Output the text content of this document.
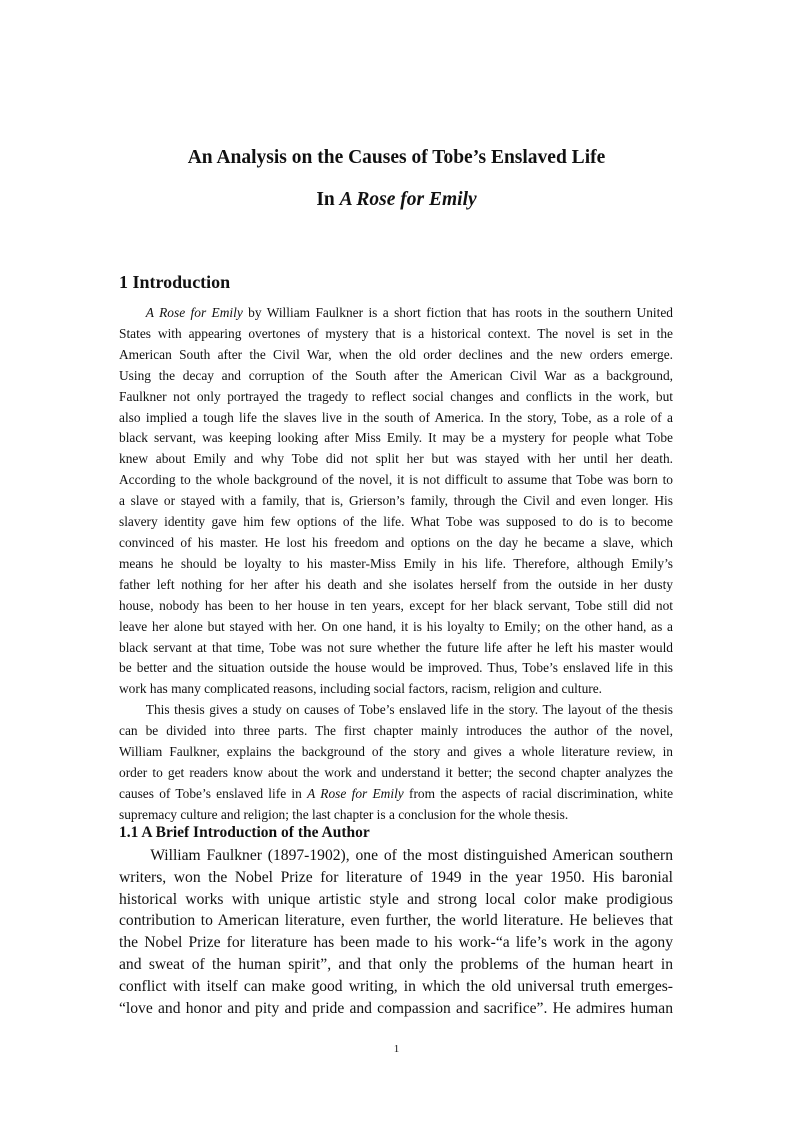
An Analysis on the Causes of Tobe’s Enslaved Life
In A Rose for Emily
1 Introduction
A Rose for Emily by William Faulkner is a short fiction that has roots in the southern United
States with appearing overtones of mystery that is a historical context. The novel is set in the
American South after the Civil War, when the old order declines and the new orders emerge.
Using the decay and corruption of the South after the American Civil War as a background,
Faulkner not only portrayed the tragedy to reflect social changes and conflicts in the work, but
also implied a tough life the slaves live in the south of America. In the story, Tobe, as a role of a
black servant, was keeping looking after Miss Emily. It may be a mystery for people what Tobe
knew about Emily and why Tobe did not split her but was stayed with her until her death.
According to the whole background of the novel, it is not difficult to assume that Tobe was born to
a slave or stayed with a family, that is, Grierson’s family, through the Civil and even longer. His
slavery identity gave him few options of the life. What Tobe was supposed to do is to become
convinced of his master. He lost his freedom and options on the day he became a slave, which
means he should be loyalty to his master-Miss Emily in his life. Therefore, although Emily’s
father left nothing for her after his death and she isolates herself from the outside in her dusty
house, nobody has been to her house in ten years, except for her black servant, Tobe still did not
leave her alone but stayed with her. On one hand, it is his loyalty to Emily; on the other hand, as a
black servant at that time, Tobe was not sure whether the future life after he left his master would
be better and the situation outside the house would be improved. Thus, Tobe’s enslaved life in this
work has many complicated reasons, including social factors, racism, religion and culture.
This thesis gives a study on causes of Tobe’s enslaved life in the story. The layout of the thesis
can be divided into three parts. The first chapter mainly introduces the author of the novel,
William Faulkner, explains the background of the story and gives a whole literature review, in
order to get readers know about the work and understand it better; the second chapter analyzes the
causes of Tobe’s enslaved life in A Rose for Emily from the aspects of racial discrimination, white
supremacy culture and religion; the last chapter is a conclusion for the whole thesis.
1.1 A Brief Introduction of the Author
William Faulkner (1897-1902), one of the most distinguished American southern
writers, won the Nobel Prize for literature of 1949 in the year 1950. His baronial
historical works with unique artistic style and strong local color make prodigious
contribution to American literature, even further, the world literature. He believes that
the Nobel Prize for literature has been made to his work-“a life’s work in the agony
and sweat of the human spirit”, and that only the problems of the human heart in
conflict with itself can make good writing, in which the old universal truth emerges-
“love and honor and pity and pride and compassion and sacrifice”. He admires human
1
